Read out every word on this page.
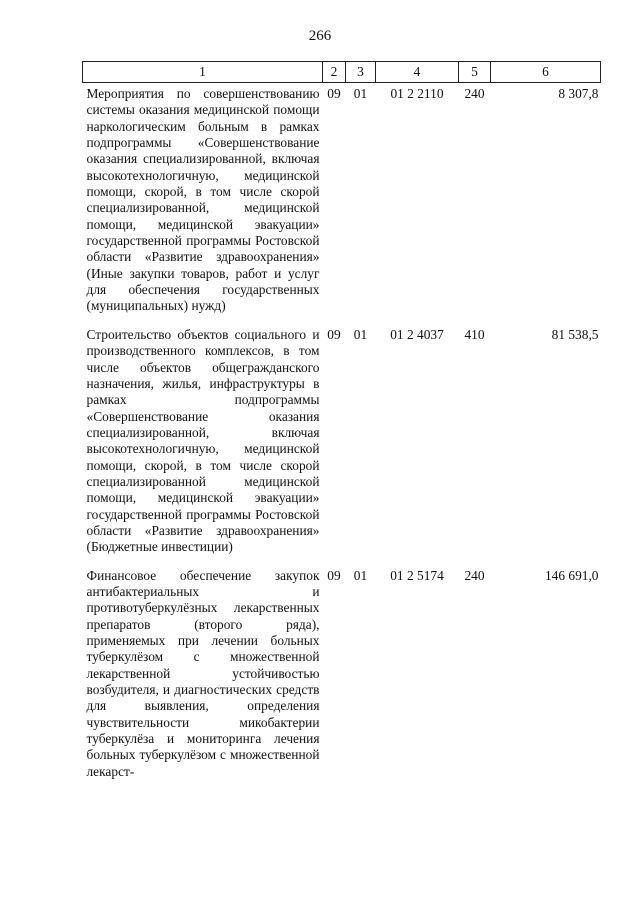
266
1	2	3	4	5	6
Мероприятия по совершенствованию системы оказания медицинской помощи наркологическим больным в рамках подпрограммы «Совершенствование оказания специализированной, включая высокотехнологичную, медицинской помощи, скорой, в том числе скорой специализированной, медицинской помощи, медицинской эвакуации» государственной программы Ростовской области «Развитие здравоохранения» (Иные закупки товаров, работ и услуг для обеспечения государственных (муниципальных) нужд)	09	01	01 2 2110	240	8 307,8
Строительство объектов социального и производственного комплексов, в том числе объектов общегражданского назначения, жилья, инфраструктуры в рамках подпрограммы «Совершенствование оказания специализированной, включая высокотехнологичную, медицинской помощи, скорой, в том числе скорой специализированной медицинской помощи, медицинской эвакуации» государственной программы Ростовской области «Развитие здравоохранения» (Бюджетные инвестиции)	09	01	01 2 4037	410	81 538,5
Финансовое обеспечение закупок антибактериальных и противотуберкулёзных лекарственных препаратов (второго ряда), применяемых при лечении больных туберкулёзом с множественной лекарственной устойчивостью возбудителя, и диагностических средств для выявления, определения чувствительности микобактерии туберкулёза и мониторинга лечения больных туберкулёзом с множественной лекарст-	09	01	01 2 5174	240	146 691,0
